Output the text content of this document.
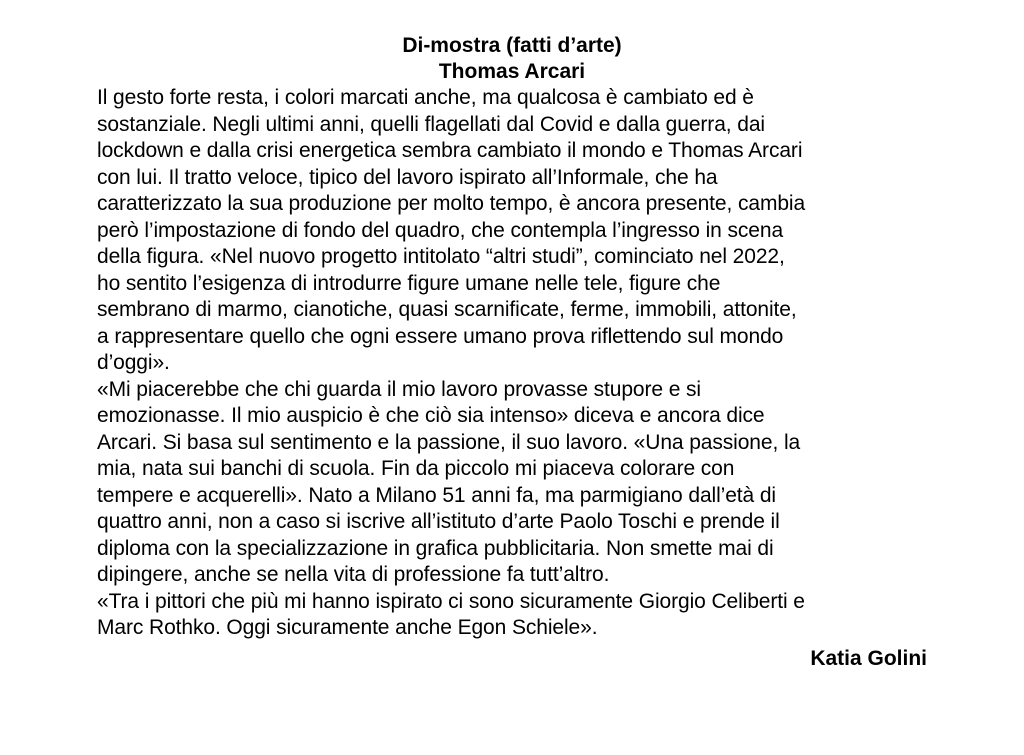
Di-mostra (fatti d’arte)
Thomas Arcari

Il gesto forte resta, i colori marcati anche, ma qualcosa è cambiato ed è
sostanziale. Negli ultimi anni, quelli flagellati dal Covid e dalla guerra, dai
lockdown e dalla crisi energetica sembra cambiato il mondo e Thomas Arcari
con lui. Il tratto veloce, tipico del lavoro ispirato all’Informale, che ha
caratterizzato la sua produzione per molto tempo, è ancora presente, cambia
però l’impostazione di fondo del quadro, che contempla l’ingresso in scena
della figura. «Nel nuovo progetto intitolato “altri studi”, cominciato nel 2022,
ho sentito l’esigenza di introdurre figure umane nelle tele, figure che
sembrano di marmo, cianotiche, quasi scarnificate, ferme, immobili, attonite,
a rappresentare quello che ogni essere umano prova riflettendo sul mondo
d’oggi».

«Mi piacerebbe che chi guarda il mio lavoro provasse stupore e si
emozionasse. Il mio auspicio è che ciò sia intenso» diceva e ancora dice
Arcari. Si basa sul sentimento e la passione, il suo lavoro. «Una passione, la
mia, nata sui banchi di scuola. Fin da piccolo mi piaceva colorare con
tempere e acquerelli». Nato a Milano 51 anni fa, ma parmigiano dall’età di
quattro anni, non a caso si iscrive all’istituto d’arte Paolo Toschi e prende il
diploma con la specializzazione in grafica pubblicitaria. Non smette mai di
dipingere, anche se nella vita di professione fa tutt’altro.

«Tra i pittori che più mi hanno ispirato ci sono sicuramente Giorgio Celiberti e
Marc Rothko. Oggi sicuramente anche Egon Schiele».

Katia Golini
